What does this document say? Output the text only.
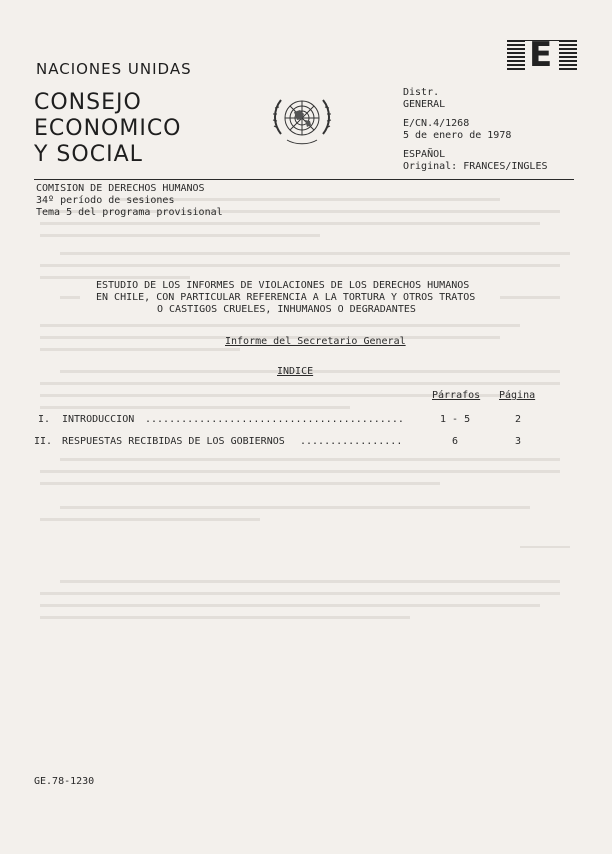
NACIONES UNIDAS
CONSEJO
ECONOMICO
Y SOCIAL
E
Distr.
GENERAL
E/CN.4/1268
5 de enero de 1978
ESPAÑOL
Original: FRANCES/INGLES
COMISION DE DERECHOS HUMANOS
34º período de sesiones
Tema 5 del programa provisional
ESTUDIO DE LOS INFORMES DE VIOLACIONES DE LOS DERECHOS HUMANOS
EN CHILE, CON PARTICULAR REFERENCIA A LA TORTURA Y OTROS TRATOS
O CASTIGOS CRUELES, INHUMANOS O DEGRADANTES
Informe del Secretario General
INDICE
Párrafos Página
I. INTRODUCCION ...........................................	1 - 5	2
II. RESPUESTAS RECIBIDAS DE LOS GOBIERNOS .................	6	3
GE.78-1230
